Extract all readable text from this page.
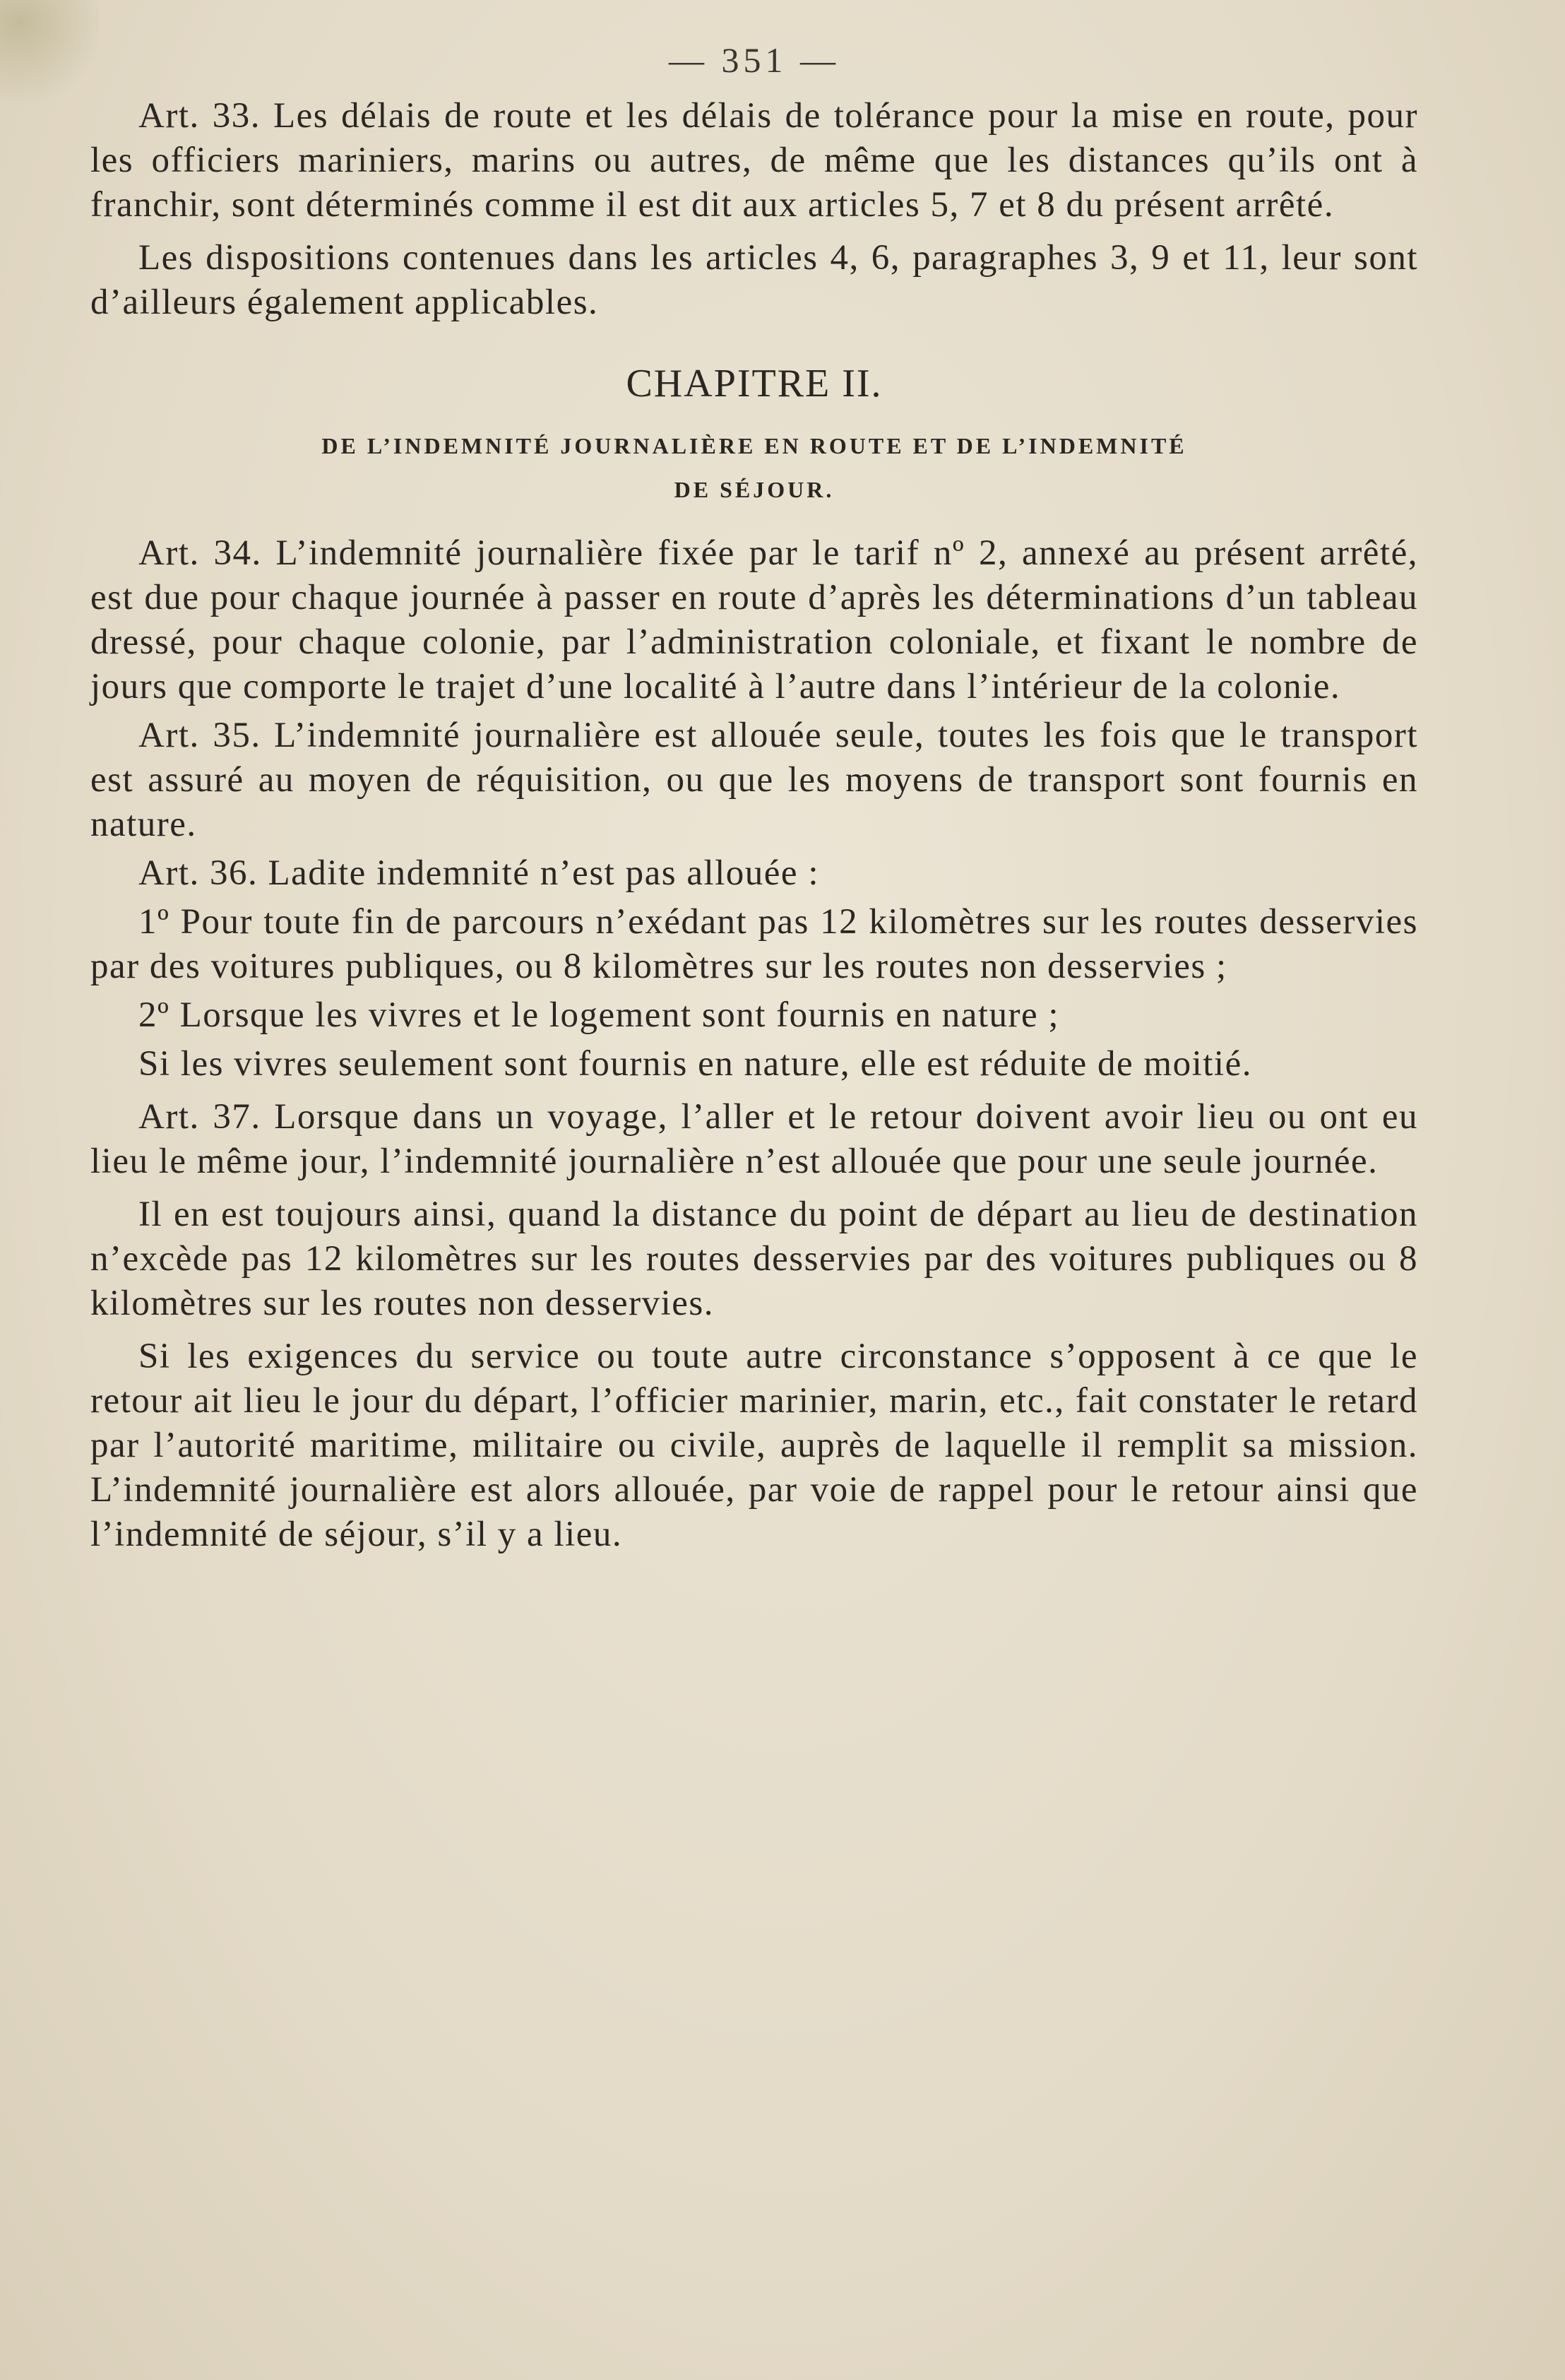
— 351 —

Art. 33. Les délais de route et les délais de tolérance pour la mise en route, pour les officiers mariniers, marins ou autres, de même que les distances qu’ils ont à franchir, sont déterminés comme il est dit aux articles 5, 7 et 8 du présent arrêté.

Les dispositions contenues dans les articles 4, 6, paragraphes 3, 9 et 11, leur sont d’ailleurs également applicables.

CHAPITRE II.
DE L’INDEMNITÉ JOURNALIÈRE EN ROUTE ET DE L’INDEMNITÉ
DE SÉJOUR.

Art. 34. L’indemnité journalière fixée par le tarif nº 2, annexé au présent arrêté, est due pour chaque journée à passer en route d’après les déterminations d’un tableau dressé, pour chaque colonie, par l’administration coloniale, et fixant le nombre de jours que comporte le trajet d’une localité à l’autre dans l’intérieur de la colonie.

Art. 35. L’indemnité journalière est allouée seule, toutes les fois que le transport est assuré au moyen de réquisition, ou que les moyens de transport sont fournis en nature.

Art. 36. Ladite indemnité n’est pas allouée :

1º Pour toute fin de parcours n’exédant pas 12 kilomètres sur les routes desservies par des voitures publiques, ou 8 kilomètres sur les routes non desservies ;

2º Lorsque les vivres et le logement sont fournis en nature ;

Si les vivres seulement sont fournis en nature, elle est réduite de moitié.

Art. 37. Lorsque dans un voyage, l’aller et le retour doivent avoir lieu ou ont eu lieu le même jour, l’indemnité journalière n’est allouée que pour une seule journée.

Il en est toujours ainsi, quand la distance du point de départ au lieu de destination n’excède pas 12 kilomètres sur les routes desservies par des voitures publiques ou 8 kilomètres sur les routes non desservies.

Si les exigences du service ou toute autre circonstance s’opposent à ce que le retour ait lieu le jour du départ, l’officier marinier, marin, etc., fait constater le retard par l’autorité maritime, militaire ou civile, auprès de laquelle il remplit sa mission. L’indemnité journalière est alors allouée, par voie de rappel pour le retour ainsi que l’indemnité de séjour, s’il y a lieu.
